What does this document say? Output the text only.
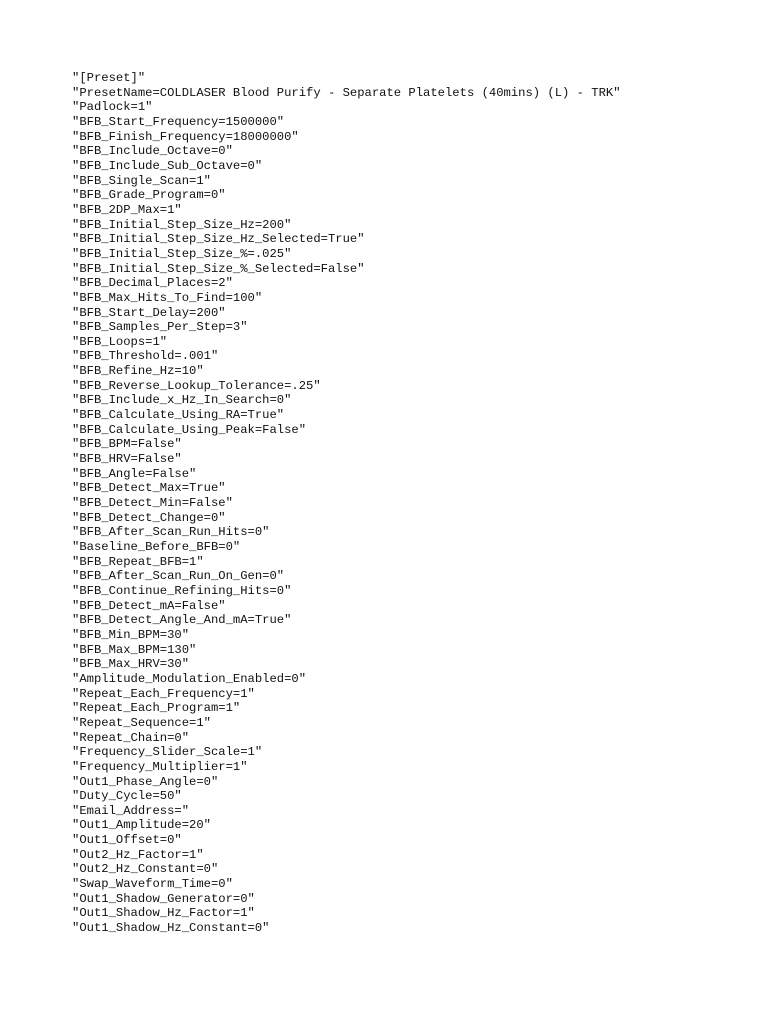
"[Preset]"
"PresetName=COLDLASER Blood Purify - Separate Platelets (40mins) (L) - TRK"
"Padlock=1"
"BFB_Start_Frequency=1500000"
"BFB_Finish_Frequency=18000000"
"BFB_Include_Octave=0"
"BFB_Include_Sub_Octave=0"
"BFB_Single_Scan=1"
"BFB_Grade_Program=0"
"BFB_2DP_Max=1"
"BFB_Initial_Step_Size_Hz=200"
"BFB_Initial_Step_Size_Hz_Selected=True"
"BFB_Initial_Step_Size_%=.025"
"BFB_Initial_Step_Size_%_Selected=False"
"BFB_Decimal_Places=2"
"BFB_Max_Hits_To_Find=100"
"BFB_Start_Delay=200"
"BFB_Samples_Per_Step=3"
"BFB_Loops=1"
"BFB_Threshold=.001"
"BFB_Refine_Hz=10"
"BFB_Reverse_Lookup_Tolerance=.25"
"BFB_Include_x_Hz_In_Search=0"
"BFB_Calculate_Using_RA=True"
"BFB_Calculate_Using_Peak=False"
"BFB_BPM=False"
"BFB_HRV=False"
"BFB_Angle=False"
"BFB_Detect_Max=True"
"BFB_Detect_Min=False"
"BFB_Detect_Change=0"
"BFB_After_Scan_Run_Hits=0"
"Baseline_Before_BFB=0"
"BFB_Repeat_BFB=1"
"BFB_After_Scan_Run_On_Gen=0"
"BFB_Continue_Refining_Hits=0"
"BFB_Detect_mA=False"
"BFB_Detect_Angle_And_mA=True"
"BFB_Min_BPM=30"
"BFB_Max_BPM=130"
"BFB_Max_HRV=30"
"Amplitude_Modulation_Enabled=0"
"Repeat_Each_Frequency=1"
"Repeat_Each_Program=1"
"Repeat_Sequence=1"
"Repeat_Chain=0"
"Frequency_Slider_Scale=1"
"Frequency_Multiplier=1"
"Out1_Phase_Angle=0"
"Duty_Cycle=50"
"Email_Address="
"Out1_Amplitude=20"
"Out1_Offset=0"
"Out2_Hz_Factor=1"
"Out2_Hz_Constant=0"
"Swap_Waveform_Time=0"
"Out1_Shadow_Generator=0"
"Out1_Shadow_Hz_Factor=1"
"Out1_Shadow_Hz_Constant=0"
